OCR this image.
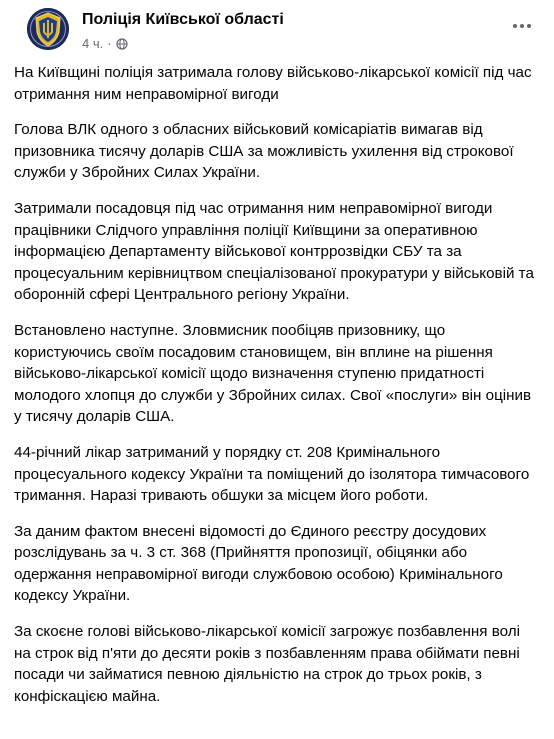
Поліція Київської області
4 ч. ·

На Київщині поліція затримала голову військово-лікарської комісії під час отримання ним неправомірної вигоди

Голова ВЛК одного з обласних військовий комісаріатів вимагав від призовника тисячу доларів США за можливість ухилення від строкової служби у Збройних Силах України.

Затримали посадовця під час отримання ним неправомірної вигоди працівники Слідчого управління поліції Київщини за оперативною інформацією Департаменту військової контррозвідки СБУ та за процесуальним керівництвом спеціалізованої прокуратури у військовій та оборонній сфері Центрального регіону України.

Встановлено наступне. Зловмисник пообіцяв призовнику, що користуючись своїм посадовим становищем, він вплине на рішення військово-лікарської комісії щодо визначення ступеню придатності молодого хлопця до служби у Збройних силах. Свої «послуги» він оцінив у тисячу доларів США.

44-річний лікар затриманий у порядку ст. 208 Кримінального процесуального кодексу України та поміщений до ізолятора тимчасового тримання. Наразі тривають обшуки за місцем його роботи.

За даним фактом внесені відомості до Єдиного реєстру досудових розслідувань за ч. 3 ст. 368 (Прийняття пропозиції, обіцянки або одержання неправомірної вигоди службовою особою) Кримінального кодексу України.

За скоєне голові військово-лікарської комісії загрожує позбавлення волі на строк від п'яти до десяти років з позбавленням права обіймати певні посади чи займатися певною діяльністю на строк до трьох років, з конфіскацією майна.
